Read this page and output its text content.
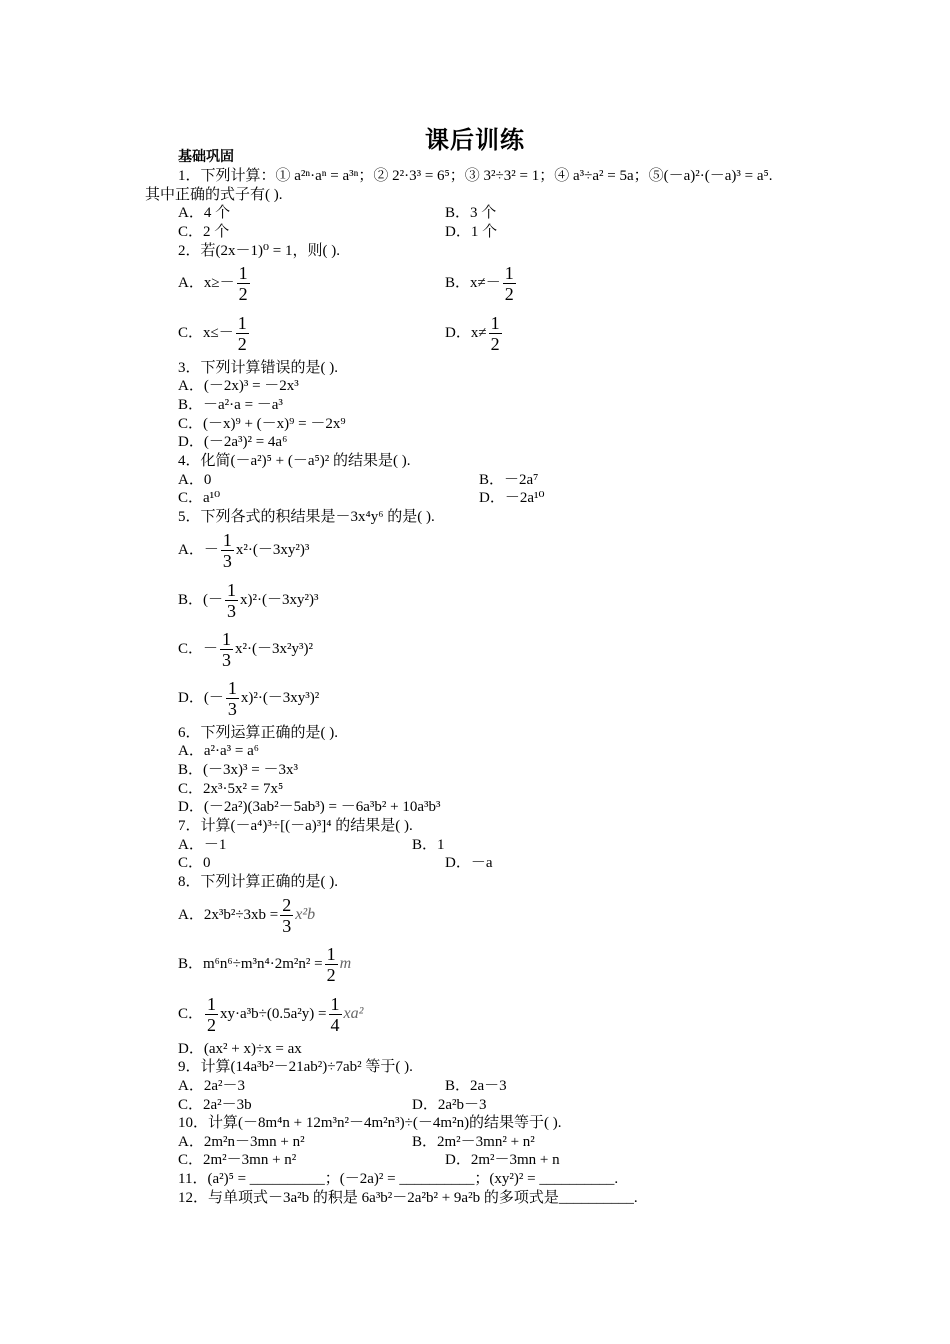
课后训练
基础巩固
1．下列计算：① a²ⁿ·aⁿ = a³ⁿ；② 2²·3³ = 6⁵；③ 3²÷3² = 1；④ a³÷a² = 5a；⑤(－a)²·(－a)³ = a⁵.
其中正确的式子有( ).
A．4 个	B．3 个
C．2 个	D．1 个
2．若(2x－1)⁰ = 1，则( ).
A．$x\ge- \frac{1}{2}$	B．$x\ne- \frac{1}{2}$
C．$x\le- \frac{1}{2}$	D．$x\ne \frac{1}{2}$
3．下列计算错误的是( ).
A．(－2x)³ = －2x³
B．－a²·a = －a³
C．(－x)⁹ + (－x)⁹ = －2x⁹
D．(－2a³)² = 4a⁶
4．化简(－a²)⁵ + (－a⁵)² 的结果是( ).
A．0	B．－2a⁷
C．a¹⁰	D．－2a¹⁰
5．下列各式的积结果是－3x⁴y⁶ 的是( ).
A．－ $\frac{1}{3} x^2\cdot(-3xy^2)^3$
B．(－ $\frac{1}{3} x)^2\cdot(-3xy^2)^3$
C．－ $\frac{1}{3} x^2\cdot(-3x^2y^3)^2$
D．(－ $\frac{1}{3} x)^2\cdot(-3xy^3)^2$
6．下列运算正确的是( ).
A．a²·a³ = a⁶
B．(－3x)³ = －3x³
C．2x³·5x² = 7x⁵
D．(－2a²)(3ab²－5ab³) = －6a³b² + 10a³b³
7．计算(－a⁴)³÷[(－a)³]⁴ 的结果是( ).
A．－1	B．1
C．0	D．－a
8．下列计算正确的是( ).
A．$2x^3b^2\div 3xb = \frac{2}{3} x^2b$
B．$m^6n^6\div m^3n^4\cdot 2m^2n^2 = \frac{1}{2}$ m
C． $\frac{1}{2} xy\cdot a^3b\div(0.5a^2y) = \frac{1}{4} xa^2$
D．(ax² + x)÷x = ax
9．计算(14a³b²－21ab²)÷7ab² 等于( ).
A．2a²－3	B．2a－3
C．2a²－3b	D．2a²b－3
10．计算(－8m⁴n + 12m³n²－4m²n³)÷(－4m²n)的结果等于( ).
A．2m²n－3mn + n²	B．2m²－3mn² + n²
C．2m²－3mn + n²	D．2m²－3mn + n
11．(a²)⁵ = __________；(－2a)² = __________；(xy²)² = __________.
12．与单项式－3a²b 的积是 6a³b²－2a²b² + 9a²b 的多项式是__________.
